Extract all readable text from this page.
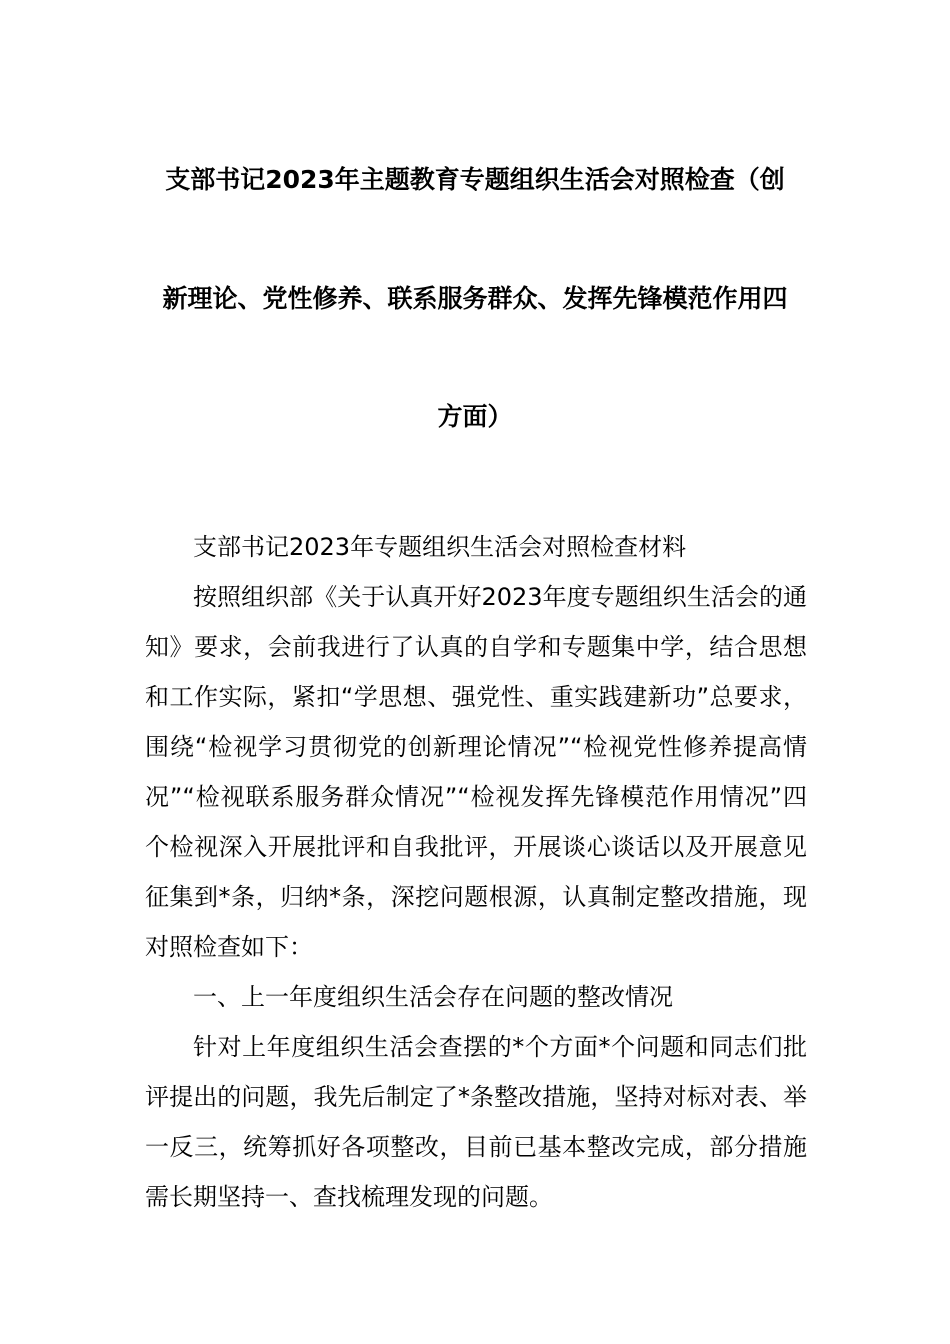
支部书记2023年主题教育专题组织生活会对照检查（创
新理论、党性修养、联系服务群众、发挥先锋模范作用四
方面）

支部书记2023年专题组织生活会对照检查材料

按照组织部《关于认真开好2023年度专题组织生活会的通知》要求，会前我进行了认真的自学和专题集中学，结合思想和工作实际，紧扣“学思想、强党性、重实践建新功”总要求，围绕“检视学习贯彻党的创新理论情况”“检视党性修养提高情况”“检视联系服务群众情况”“检视发挥先锋模范作用情况”四个检视深入开展批评和自我批评，开展谈心谈话以及开展意见征集到*条，归纳*条，深挖问题根源，认真制定整改措施，现对照检查如下：

一、上一年度组织生活会存在问题的整改情况

针对上年度组织生活会查摆的*个方面*个问题和同志们批评提出的问题，我先后制定了*条整改措施，坚持对标对表、举一反三，统筹抓好各项整改，目前已基本整改完成，部分措施需长期坚持一、查找梳理发现的问题。
